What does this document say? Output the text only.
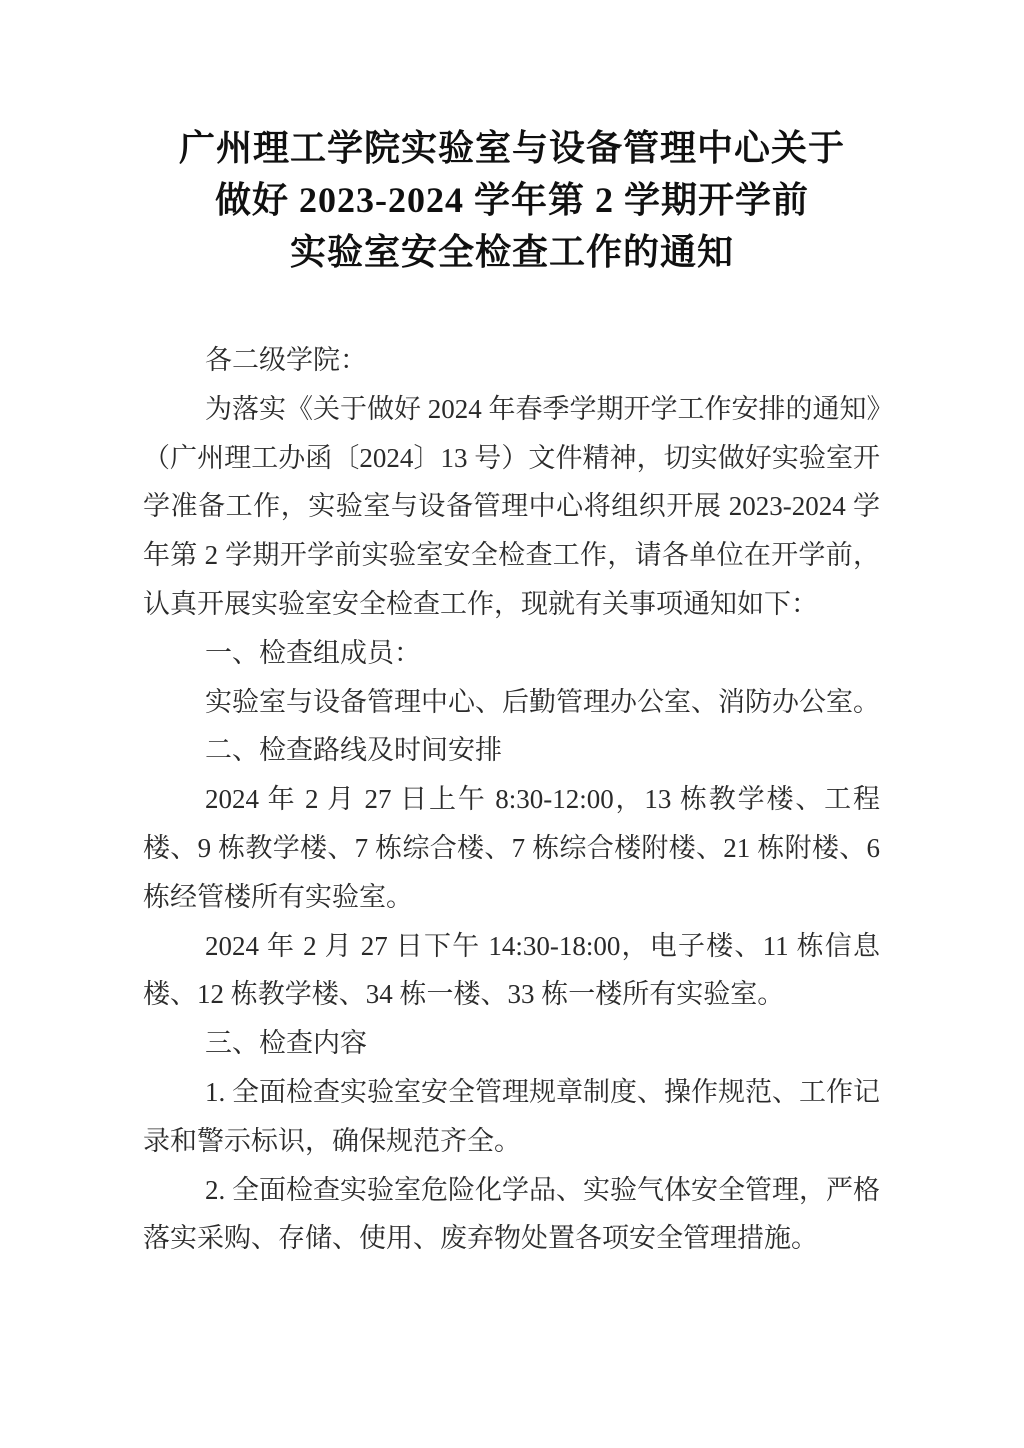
广州理工学院实验室与设备管理中心关于
做好 2023-2024 学年第 2 学期开学前
实验室安全检查工作的通知

各二级学院：

为落实《关于做好 2024 年春季学期开学工作安排的通知》（广州理工办函〔2024〕13 号）文件精神，切实做好实验室开学准备工作，实验室与设备管理中心将组织开展 2023-2024 学年第 2 学期开学前实验室安全检查工作，请各单位在开学前，认真开展实验室安全检查工作，现就有关事项通知如下：

一、检查组成员：

实验室与设备管理中心、后勤管理办公室、消防办公室。

二、检查路线及时间安排

2024 年 2 月 27 日上午 8:30-12:00，13 栋教学楼、工程楼、9 栋教学楼、7 栋综合楼、7 栋综合楼附楼、21 栋附楼、6 栋经管楼所有实验室。

2024 年 2 月 27 日下午 14:30-18:00，电子楼、11 栋信息楼、12 栋教学楼、34 栋一楼、33 栋一楼所有实验室。

三、检查内容

1. 全面检查实验室安全管理规章制度、操作规范、工作记录和警示标识，确保规范齐全。

2. 全面检查实验室危险化学品、实验气体安全管理，严格落实采购、存储、使用、废弃物处置各项安全管理措施。
